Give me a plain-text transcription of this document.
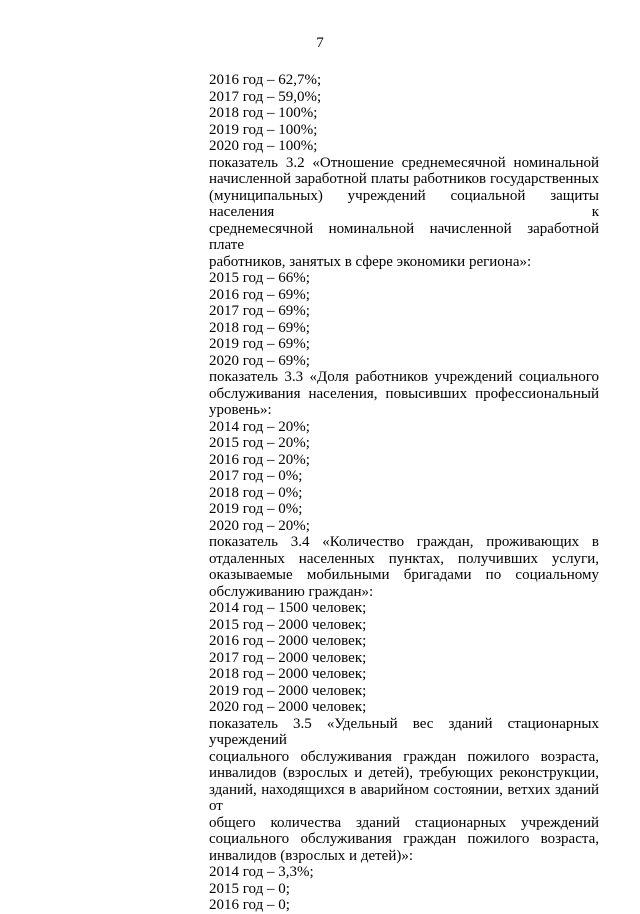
7
2016 год – 62,7%;
2017 год – 59,0%;
2018 год – 100%;
2019 год – 100%;
2020 год – 100%;
показатель 3.2 «Отношение среднемесячной номинальной
начисленной заработной платы работников государственных
(муниципальных) учреждений социальной защиты населения к
среднемесячной номинальной начисленной заработной плате
работников, занятых в сфере экономики региона»:
2015 год – 66%;
2016 год – 69%;
2017 год – 69%;
2018 год – 69%;
2019 год – 69%;
2020 год – 69%;
показатель 3.3 «Доля работников учреждений социального
обслуживания населения, повысивших профессиональный
уровень»:
2014 год – 20%;
2015 год – 20%;
2016 год – 20%;
2017 год – 0%;
2018 год – 0%;
2019 год – 0%;
2020 год – 20%;
показатель 3.4 «Количество граждан, проживающих в
отдаленных населенных пунктах, получивших услуги,
оказываемые мобильными бригадами по социальному
обслуживанию граждан»:
2014 год – 1500 человек;
2015 год – 2000 человек;
2016 год – 2000 человек;
2017 год – 2000 человек;
2018 год – 2000 человек;
2019 год – 2000 человек;
2020 год – 2000 человек;
показатель 3.5 «Удельный вес зданий стационарных учреждений
социального обслуживания граждан пожилого возраста,
инвалидов (взрослых и детей), требующих реконструкции,
зданий, находящихся в аварийном состоянии, ветхих зданий от
общего количества зданий стационарных учреждений
социального обслуживания граждан пожилого возраста,
инвалидов (взрослых и детей)»:
2014 год – 3,3%;
2015 год – 0;
2016 год – 0;
